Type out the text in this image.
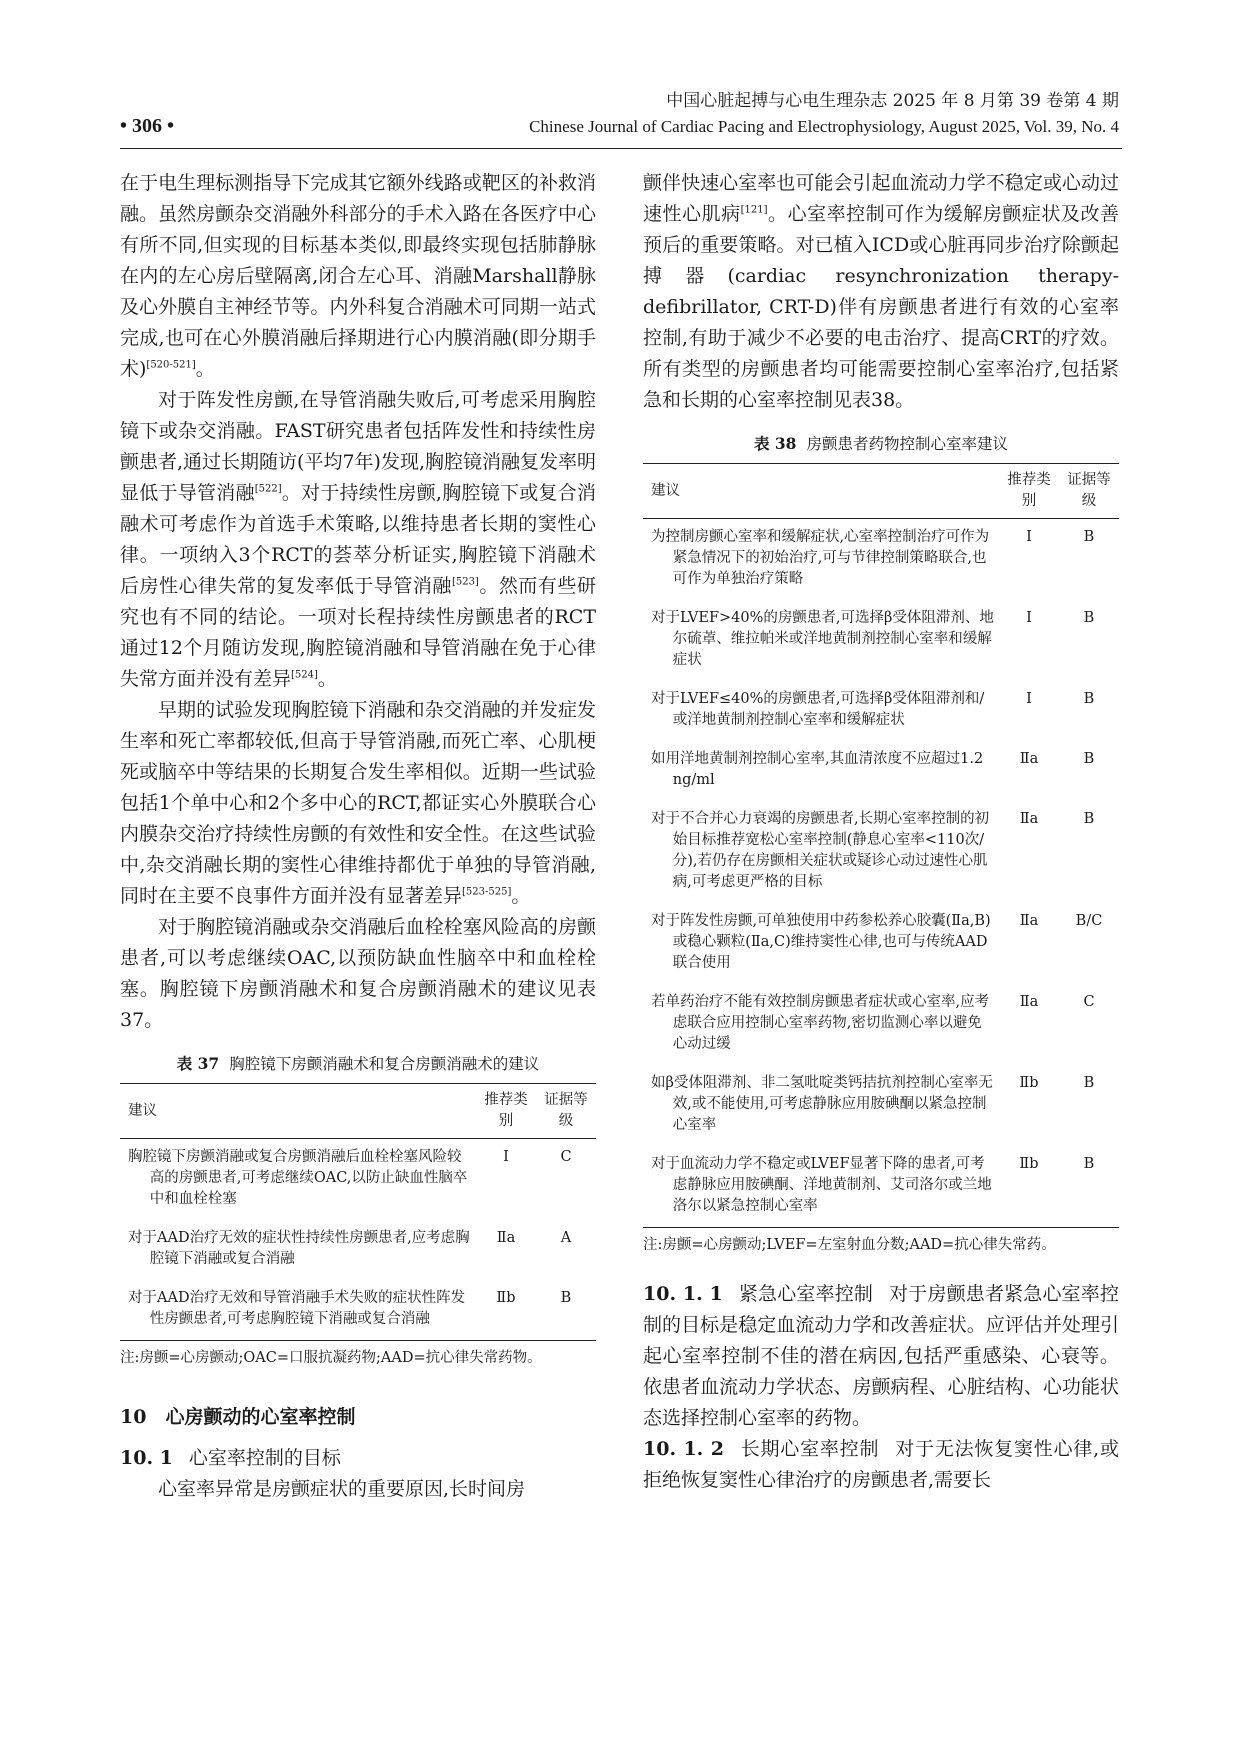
中国心脏起搏与心电生理杂志 2025 年 8 月第 39 卷第 4 期
• 306 •	Chinese Journal of Cardiac Pacing and Electrophysiology, August 2025, Vol. 39, No. 4

在于电生理标测指导下完成其它额外线路或靶区的补救消融。虽然房颤杂交消融外科部分的手术入路在各医疗中心有所不同,但实现的目标基本类似,即最终实现包括肺静脉在内的左心房后壁隔离,闭合左心耳、消融Marshall静脉及心外膜自主神经节等。内外科复合消融术可同期一站式完成,也可在心外膜消融后择期进行心内膜消融(即分期手术)[520-521]。

对于阵发性房颤,在导管消融失败后,可考虑采用胸腔镜下或杂交消融。FAST研究患者包括阵发性和持续性房颤患者,通过长期随访(平均7年)发现,胸腔镜消融复发率明显低于导管消融[522]。对于持续性房颤,胸腔镜下或复合消融术可考虑作为首选手术策略,以维持患者长期的窦性心律。一项纳入3个RCT的荟萃分析证实,胸腔镜下消融术后房性心律失常的复发率低于导管消融[523]。然而有些研究也有不同的结论。一项对长程持续性房颤患者的RCT通过12个月随访发现,胸腔镜消融和导管消融在免于心律失常方面并没有差异[524]。

早期的试验发现胸腔镜下消融和杂交消融的并发症发生率和死亡率都较低,但高于导管消融,而死亡率、心肌梗死或脑卒中等结果的长期复合发生率相似。近期一些试验包括1个单中心和2个多中心的RCT,都证实心外膜联合心内膜杂交治疗持续性房颤的有效性和安全性。在这些试验中,杂交消融长期的窦性心律维持都优于单独的导管消融,同时在主要不良事件方面并没有显著差异[523-525]。

对于胸腔镜消融或杂交消融后血栓栓塞风险高的房颤患者,可以考虑继续OAC,以预防缺血性脑卒中和血栓栓塞。胸腔镜下房颤消融术和复合房颤消融术的建议见表37。

表 37 胸腔镜下房颤消融术和复合房颤消融术的建议
建议	推荐类别	证据等级

胸腔镜下房颤消融或复合房颤消融后血栓栓塞风险较高的房颤患者,可考虑继续OAC,以防止缺血性脑卒中和血栓栓塞	Ⅰ	C

对于AAD治疗无效的症状性持续性房颤患者,应考虑胸腔镜下消融或复合消融	Ⅱa	A

对于AAD治疗无效和导管消融手术失败的症状性阵发性房颤患者,可考虑胸腔镜下消融或复合消融	Ⅱb	B
注:房颤=心房颤动;OAC=口服抗凝药物;AAD=抗心律失常药物。
10　心房颤动的心室率控制
10. 1 心室率控制的目标

心室率异常是房颤症状的重要原因,长时间房

颤伴快速心室率也可能会引起血流动力学不稳定或心动过速性心肌病[121]。心室率控制可作为缓解房颤症状及改善预后的重要策略。对已植入ICD或心脏再同步治疗除颤起搏器(cardiac resynchronization therapy-defibrillator, CRT-D)伴有房颤患者进行有效的心室率控制,有助于减少不必要的电击治疗、提高CRT的疗效。所有类型的房颤患者均可能需要控制心室率治疗,包括紧急和长期的心室率控制见表38。

表 38 房颤患者药物控制心室率建议
建议	推荐类别	证据等级

为控制房颤心室率和缓解症状,心室率控制治疗可作为紧急情况下的初始治疗,可与节律控制策略联合,也可作为单独治疗策略	Ⅰ	B

对于LVEF>40%的房颤患者,可选择β受体阻滞剂、地尔硫䓬、维拉帕米或洋地黄制剂控制心室率和缓解症状	Ⅰ	B

对于LVEF≤40%的房颤患者,可选择β受体阻滞剂和/或洋地黄制剂控制心室率和缓解症状	Ⅰ	B

如用洋地黄制剂控制心室率,其血清浓度不应超过1.2 ng/ml	Ⅱa	B

对于不合并心力衰竭的房颤患者,长期心室率控制的初始目标推荐宽松心室率控制(静息心室率<110次/分),若仍存在房颤相关症状或疑诊心动过速性心肌病,可考虑更严格的目标	Ⅱa	B

对于阵发性房颤,可单独使用中药参松养心胶囊(Ⅱa,B)或稳心颗粒(Ⅱa,C)维持窦性心律,也可与传统AAD联合使用	Ⅱa	B/C

若单药治疗不能有效控制房颤患者症状或心室率,应考虑联合应用控制心室率药物,密切监测心率以避免心动过缓	Ⅱa	C

如β受体阻滞剂、非二氢吡啶类钙拮抗剂控制心室率无效,或不能使用,可考虑静脉应用胺碘酮以紧急控制心室率	Ⅱb	B

对于血流动力学不稳定或LVEF显著下降的患者,可考虑静脉应用胺碘酮、洋地黄制剂、艾司洛尔或兰地洛尔以紧急控制心室率	Ⅱb	B
注:房颤=心房颤动;LVEF=左室射血分数;AAD=抗心律失常药。

10. 1. 1 紧急心室率控制 对于房颤患者紧急心室率控制的目标是稳定血流动力学和改善症状。应评估并处理引起心室率控制不佳的潜在病因,包括严重感染、心衰等。依患者血流动力学状态、房颤病程、心脏结构、心功能状态选择控制心室率的药物。

10. 1. 2 长期心室率控制 对于无法恢复窦性心律,或拒绝恢复窦性心律治疗的房颤患者,需要长
